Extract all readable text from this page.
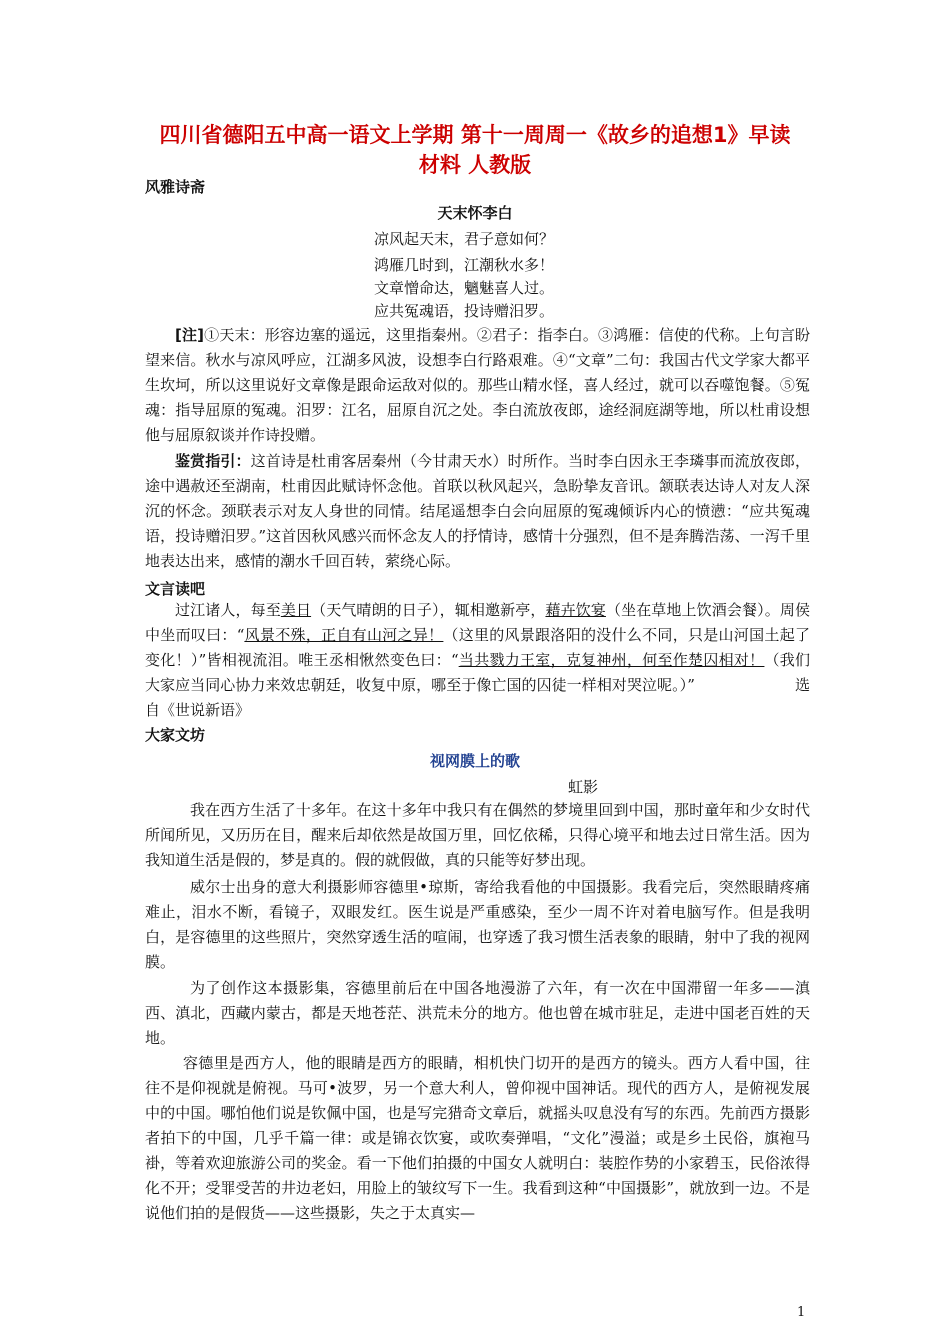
四川省德阳五中高一语文上学期 第十一周周一《故乡的追想1》早读
材料 人教版
风雅诗斋
天末怀李白
凉风起天末，君子意如何？
鸿雁几时到，江潮秋水多！
文章憎命达，魑魅喜人过。
应共冤魂语，投诗赠汨罗。
[注]①天末：形容边塞的遥远，这里指秦州。②君子：指李白。③鸿雁：信使的代称。上句言盼望来信。秋水与凉风呼应，江湖多风波，设想李白行路艰难。④“文章”二句：我国古代文学家大都平生坎坷，所以这里说好文章像是跟命运敌对似的。那些山精水怪，喜人经过，就可以吞噬饱餐。⑤冤魂：指导屈原的冤魂。汨罗：江名，屈原自沉之处。李白流放夜郎，途经洞庭湖等地，所以杜甫设想他与屈原叙谈并作诗投赠。
鉴赏指引：这首诗是杜甫客居秦州（今甘肃天水）时所作。当时李白因永王李璘事而流放夜郎，途中遇赦还至湖南，杜甫因此赋诗怀念他。首联以秋风起兴，急盼挚友音讯。颔联表达诗人对友人深沉的怀念。颈联表示对友人身世的同情。结尾遥想李白会向屈原的冤魂倾诉内心的愤懑：“应共冤魂语，投诗赠汨罗。”这首因秋风感兴而怀念友人的抒情诗，感情十分强烈，但不是奔腾浩荡、一泻千里地表达出来，感情的潮水千回百转，萦绕心际。
文言读吧
过江诸人，每至美日（天气晴朗的日子），辄相邀新亭，藉卉饮宴（坐在草地上饮酒会餐）。周侯中坐而叹曰：“风景不殊，正自有山河之异！（这里的风景跟洛阳的没什么不同，只是山河国土起了变化！）”皆相视流泪。唯王丞相愀然变色曰：“当共戮力王室，克复神州，何至作楚囚相对！（我们大家应当同心协力来效忠朝廷，收复中原，哪至于像亡国的囚徒一样相对哭泣呢。）”	选自《世说新语》
大家文坊
视网膜上的歌
虹影
我在西方生活了十多年。在这十多年中我只有在偶然的梦境里回到中国，那时童年和少女时代所闻所见，又历历在目，醒来后却依然是故国万里，回忆依稀，只得心境平和地去过日常生活。因为我知道生活是假的，梦是真的。假的就假做，真的只能等好梦出现。
威尔士出身的意大利摄影师容德里•琼斯，寄给我看他的中国摄影。我看完后，突然眼睛疼痛难止，泪水不断，看镜子，双眼发红。医生说是严重感染，至少一周不许对着电脑写作。但是我明白，是容德里的这些照片，突然穿透生活的喧闹，也穿透了我习惯生活表象的眼睛，射中了我的视网膜。
为了创作这本摄影集，容德里前后在中国各地漫游了六年，有一次在中国滞留一年多——滇西、滇北，西藏内蒙古，都是天地苍茫、洪荒未分的地方。他也曾在城市驻足，走进中国老百姓的天地。
容德里是西方人，他的眼睛是西方的眼睛，相机快门切开的是西方的镜头。西方人看中国，往往不是仰视就是俯视。马可•波罗，另一个意大利人，曾仰视中国神话。现代的西方人，是俯视发展中的中国。哪怕他们说是钦佩中国，也是写完猎奇文章后，就摇头叹息没有写的东西。先前西方摄影者拍下的中国，几乎千篇一律：或是锦衣饮宴，或吹奏弹唱，“文化”漫溢；或是乡土民俗，旗袍马褂，等着欢迎旅游公司的奖金。看一下他们拍摄的中国女人就明白：装腔作势的小家碧玉，民俗浓得化不开；受罪受苦的井边老妇，用脸上的皱纹写下一生。我看到这种“中国摄影”，就放到一边。不是说他们拍的是假货——这些摄影，失之于太真实—
1
